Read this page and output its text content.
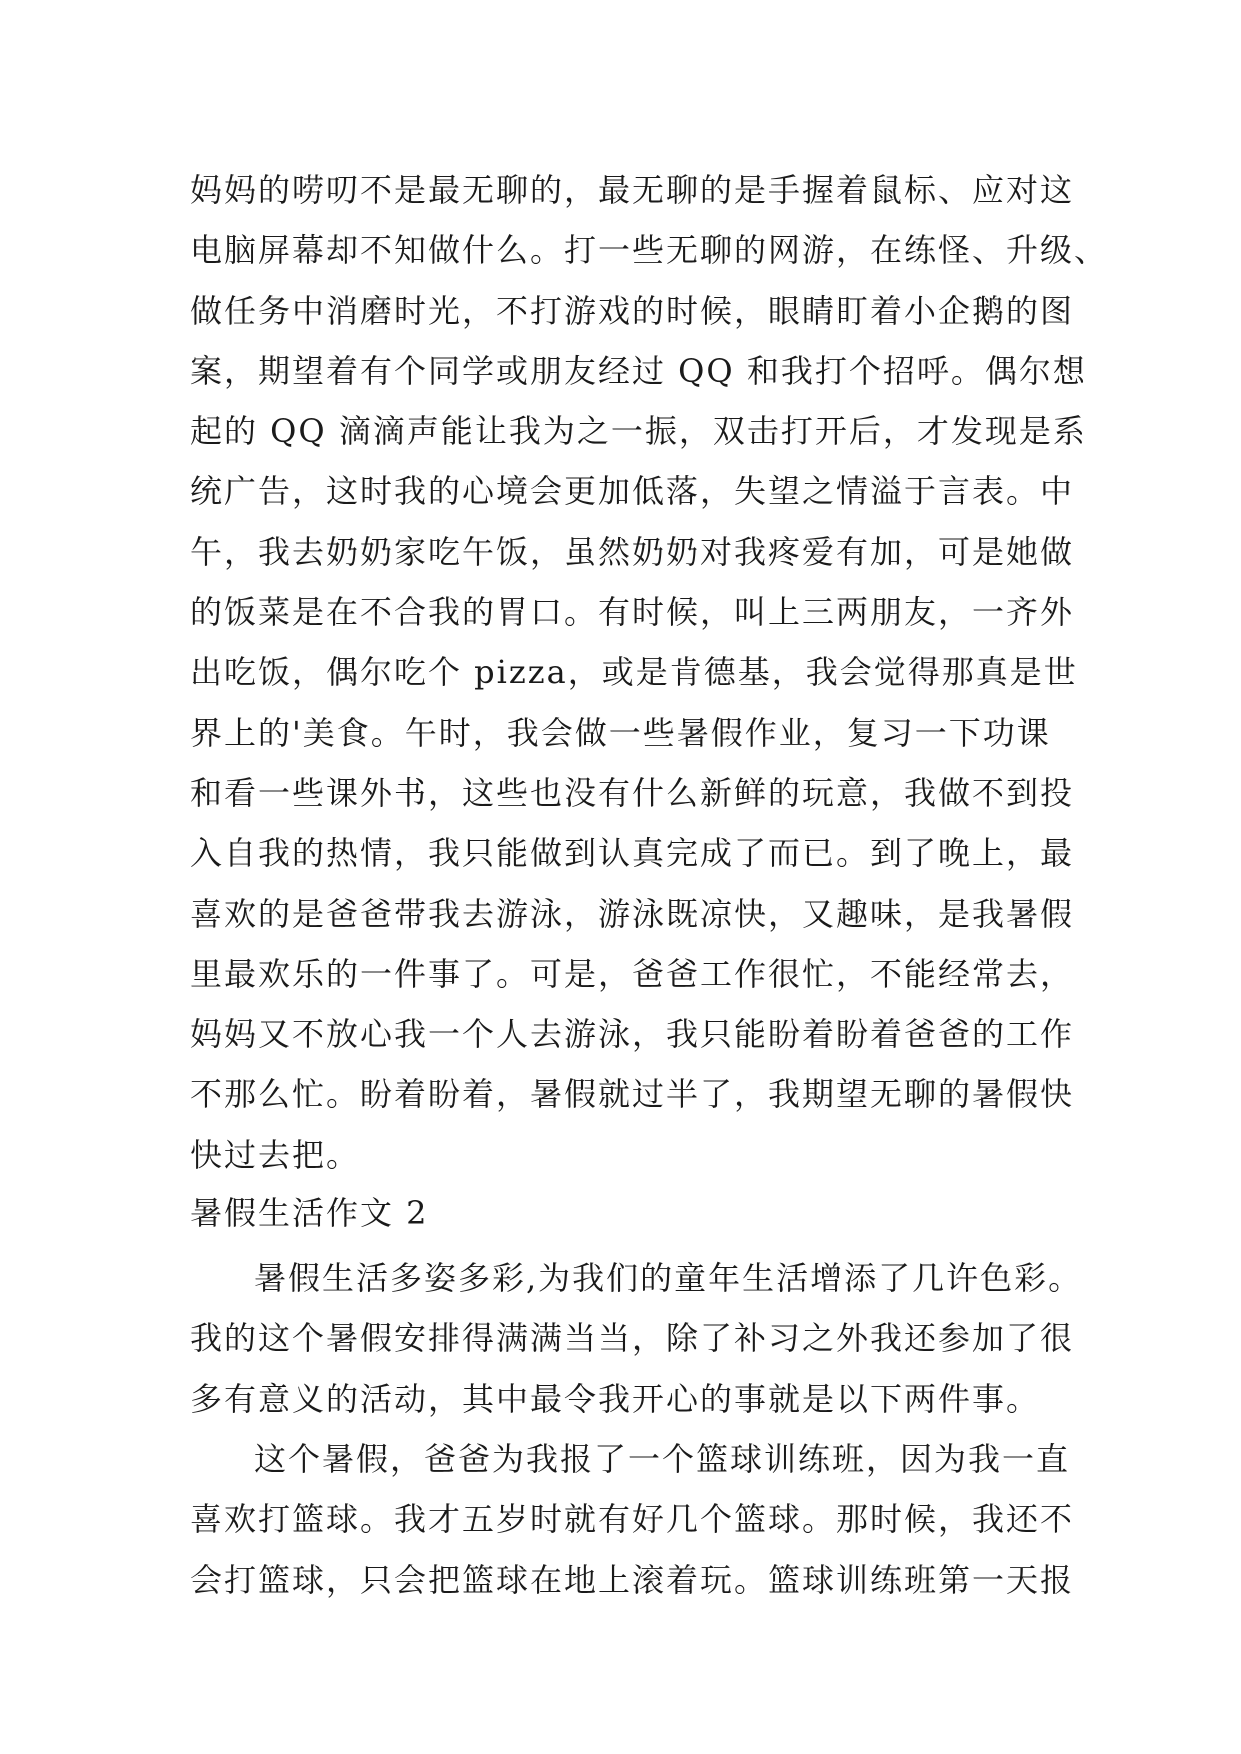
妈妈的唠叨不是最无聊的，最无聊的是手握着鼠标、应对这
电脑屏幕却不知做什么。打一些无聊的网游，在练怪、升级、
做任务中消磨时光，不打游戏的时候，眼睛盯着小企鹅的图
案，期望着有个同学或朋友经过 QQ 和我打个招呼。偶尔想
起的 QQ 滴滴声能让我为之一振，双击打开后，才发现是系
统广告，这时我的心境会更加低落，失望之情溢于言表。中
午，我去奶奶家吃午饭，虽然奶奶对我疼爱有加，可是她做
的饭菜是在不合我的胃口。有时候，叫上三两朋友，一齐外
出吃饭，偶尔吃个 pizza，或是肯德基，我会觉得那真是世
界上的'美食。午时，我会做一些暑假作业，复习一下功课
和看一些课外书，这些也没有什么新鲜的玩意，我做不到投
入自我的热情，我只能做到认真完成了而已。到了晚上，最
喜欢的是爸爸带我去游泳，游泳既凉快，又趣味，是我暑假
里最欢乐的一件事了。可是，爸爸工作很忙，不能经常去，
妈妈又不放心我一个人去游泳，我只能盼着盼着爸爸的工作
不那么忙。盼着盼着，暑假就过半了，我期望无聊的暑假快
快过去把。
暑假生活作文 2
暑假生活多姿多彩,为我们的童年生活增添了几许色彩。
我的这个暑假安排得满满当当，除了补习之外我还参加了很
多有意义的活动，其中最令我开心的事就是以下两件事。
这个暑假，爸爸为我报了一个篮球训练班，因为我一直
喜欢打篮球。我才五岁时就有好几个篮球。那时候，我还不
会打篮球，只会把篮球在地上滚着玩。篮球训练班第一天报
